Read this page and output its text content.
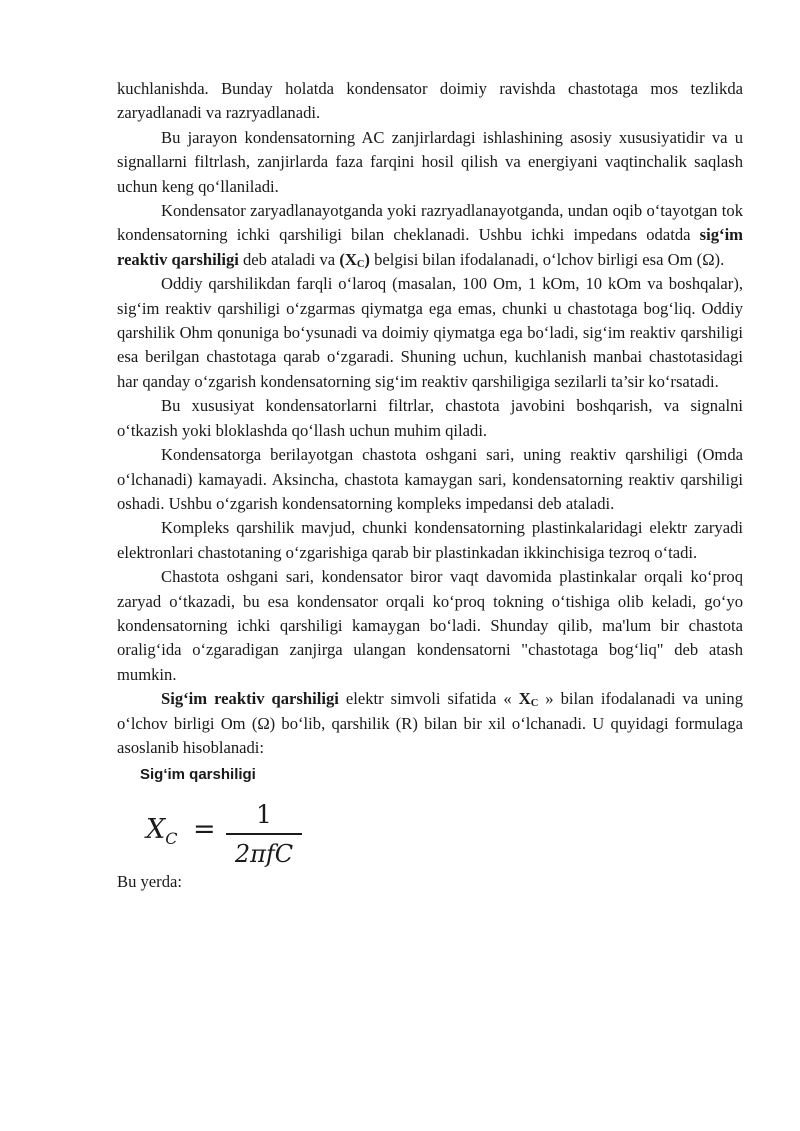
kuchlanishda. Bunday holatda kondensator doimiy ravishda chastotaga mos tezlikda zaryadlanadi va razryadlanadi.

Bu jarayon kondensatorning AC zanjirlardagi ishlashining asosiy xususiyatidir va u signallarni filtrlash, zanjirlarda faza farqini hosil qilish va energiyani vaqtinchalik saqlash uchun keng qo‘llaniladi.

Kondensator zaryadlanayotganda yoki razryadlanayotganda, undan oqib o‘tayotgan tok kondensatorning ichki qarshiligi bilan cheklanadi. Ushbu ichki impedans odatda sig‘im reaktiv qarshiligi deb ataladi va $(X_C)$ belgisi bilan ifodalanadi, o‘lchov birligi esa Om (Ω).

Oddiy qarshilikdan farqli o‘laroq (masalan, 100 Om, 1 kOm, 10 kOm va boshqalar), sig‘im reaktiv qarshiligi o‘zgarmas qiymatga ega emas, chunki u chastotaga bog‘liq. Oddiy qarshilik Ohm qonuniga bo‘ysunadi va doimiy qiymatga ega bo‘ladi, sig‘im reaktiv qarshiligi esa berilgan chastotaga qarab o‘zgaradi. Shuning uchun, kuchlanish manbai chastotasidagi har qanday o‘zgarish kondensatorning sig‘im reaktiv qarshiligiga sezilarli ta’sir ko‘rsatadi.

Bu xususiyat kondensatorlarni filtrlar, chastota javobini boshqarish, va signalni o‘tkazish yoki bloklashda qo‘llash uchun muhim qiladi.

Kondensatorga berilayotgan chastota oshgani sari, uning reaktiv qarshiligi (Omda o‘lchanadi) kamayadi. Aksincha, chastota kamaygan sari, kondensatorning reaktiv qarshiligi oshadi. Ushbu o‘zgarish kondensatorning kompleks impedansi deb ataladi.

Kompleks qarshilik mavjud, chunki kondensatorning plastinkalaridagi elektr zaryadi elektronlari chastotaning o‘zgarishiga qarab bir plastinkadan ikkinchisiga tezroq o‘tadi.

Chastota oshgani sari, kondensator biror vaqt davomida plastinkalar orqali ko‘proq zaryad o‘tkazadi, bu esa kondensator orqali ko‘proq tokning o‘tishiga olib keladi, go‘yo kondensatorning ichki qarshiligi kamaygan bo‘ladi. Shunday qilib, ma'lum bir chastota oralig‘ida o‘zgaradigan zanjirga ulangan kondensatorni "chastotaga bog‘liq" deb atash mumkin.

Sig‘im reaktiv qarshiligi elektr simvoli sifatida « $X_C$ » bilan ifodalanadi va uning o‘lchov birligi Om (Ω) bo‘lib, qarshilik (R) bilan bir xil o‘lchanadi. U quyidagi formulaga asoslanib hisoblanadi:

Sig‘im qarshiligi
$X_C$ =	1
2πfC

Bu yerda:
